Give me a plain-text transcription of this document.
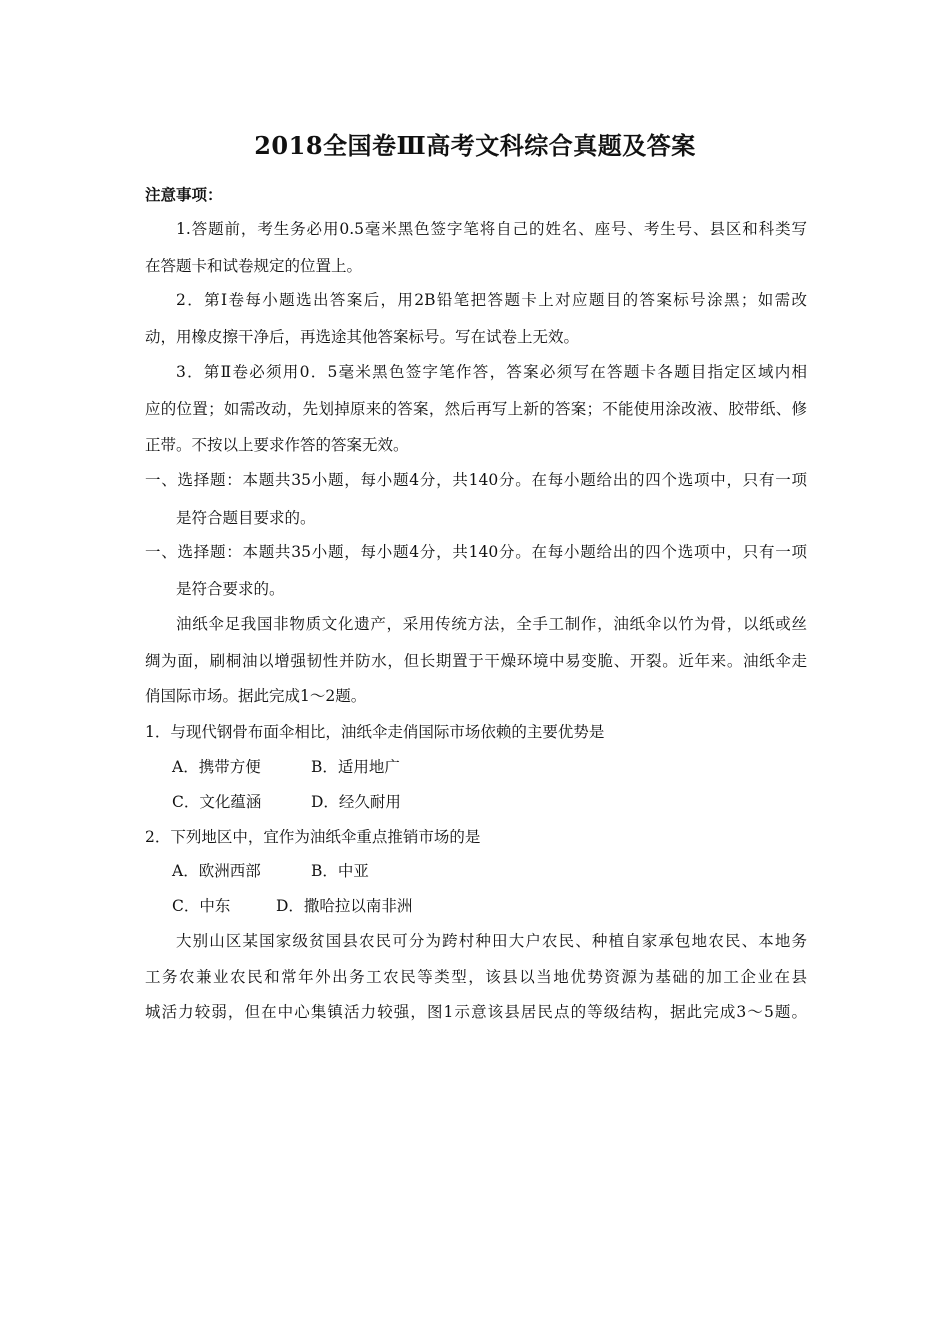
2018全国卷Ⅲ高考文科综合真题及答案
注意事项：
1.答题前，考生务必用0.5毫米黑色签字笔将自己的姓名、座号、考生号、县区和科类写
在答题卡和试卷规定的位置上。
2．第Ⅰ卷每小题选出答案后，用2B铅笔把答题卡上对应题目的答案标号涂黑；如需改
动，用橡皮擦干净后，再选途其他答案标号。写在试卷上无效。
3．第Ⅱ卷必须用0．5毫米黑色签字笔作答，答案必须写在答题卡各题目指定区域内相
应的位置；如需改动，先划掉原来的答案，然后再写上新的答案；不能使用涂改液、胶带纸、修
正带。不按以上要求作答的答案无效。
一、选择题：本题共35小题，每小题4分，共140分。在每小题给出的四个选项中，只有一项
是符合题目要求的。
一、选择题：本题共35小题，每小题4分，共140分。在每小题给出的四个选项中，只有一项
是符合要求的。
油纸伞足我国非物质文化遗产，采用传统方法，全手工制作，油纸伞以竹为骨，以纸或丝
绸为面，刷桐油以增强韧性并防水，但长期置于干燥环境中易变脆、开裂。近年来。油纸伞走
俏国际市场。据此完成1～2题。
1．与现代钢骨布面伞相比，油纸伞走俏国际市场依赖的主要优势是
A．携带方便	B．适用地广
C．文化蕴涵	D．经久耐用
2．下列地区中，宜作为油纸伞重点推销市场的是
A．欧洲西部	B．中亚
C．中东	D．撒哈拉以南非洲
大别山区某国家级贫国县农民可分为跨村种田大户农民、种植自家承包地农民、本地务
工务农兼业农民和常年外出务工农民等类型，该县以当地优势资源为基础的加工企业在县
城活力较弱，但在中心集镇活力较强，图1示意该县居民点的等级结构，据此完成3～5题。
